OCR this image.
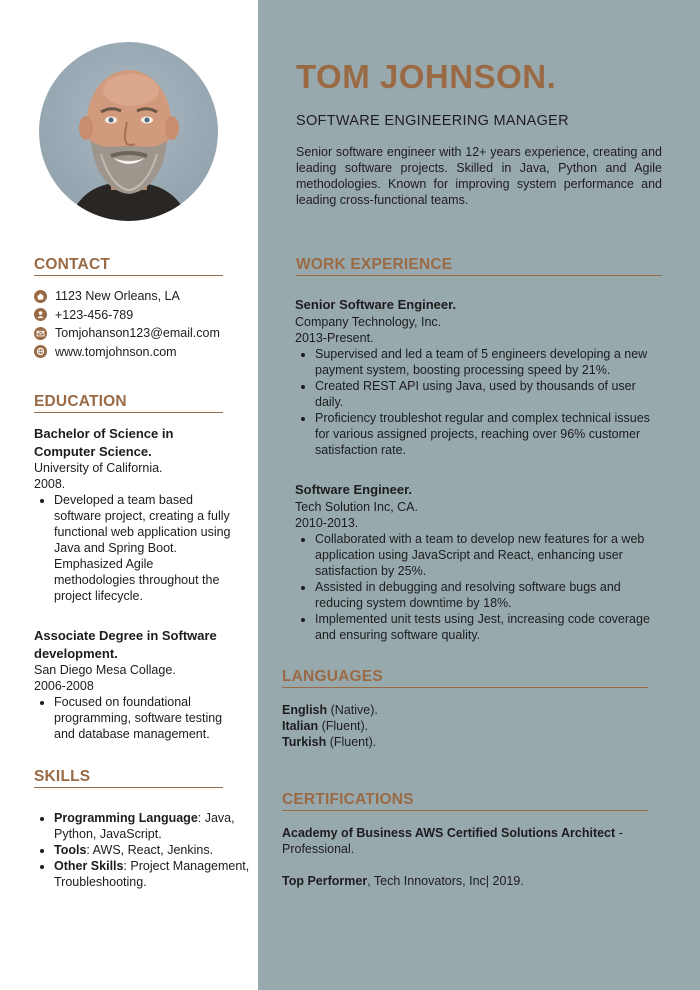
CONTACT
1123 New Orleans, LA
+123-456-789
Tomjohanson123@email.com
www.tomjohnson.com
EDUCATION
Bachelor of Science in Computer Science.
University of California.
2008.
• Developed a team based software project, creating a fully functional web application using Java and Spring Boot. Emphasized Agile methodologies throughout the project lifecycle.
Associate Degree in Software development.
San Diego Mesa Collage.
2006-2008
• Focused on foundational programming, software testing and database management.
SKILLS
• Programming Language: Java, Python, JavaScript.
• Tools: AWS, React, Jenkins.
• Other Skills: Project Management, Troubleshooting.
TOM JOHNSON.
SOFTWARE ENGINEERING MANAGER
Senior software engineer with 12+ years experience, creating and leading software projects. Skilled in Java, Python and Agile methodologies. Known for improving system performance and leading cross-functional teams.
WORK EXPERIENCE
Senior Software Engineer.
Company Technology, Inc.
2013-Present.
• Supervised and led a team of 5 engineers developing a new payment system, boosting processing speed by 21%.
• Created REST API using Java, used by thousands of user daily.
• Proficiency troubleshot regular and complex technical issues for various assigned projects, reaching over 96% customer satisfaction rate.
Software Engineer.
Tech Solution Inc, CA.
2010-2013.
• Collaborated with a team to develop new features for a web application using JavaScript and React, enhancing user satisfaction by 25%.
• Assisted in debugging and resolving software bugs and reducing system downtime by 18%.
• Implemented unit tests using Jest, increasing code coverage and ensuring software quality.
LANGUAGES
English (Native).
Italian (Fluent).
Turkish (Fluent).
CERTIFICATIONS
Academy of Business AWS Certified Solutions Architect - Professional.
Top Performer, Tech Innovators, Inc| 2019.
